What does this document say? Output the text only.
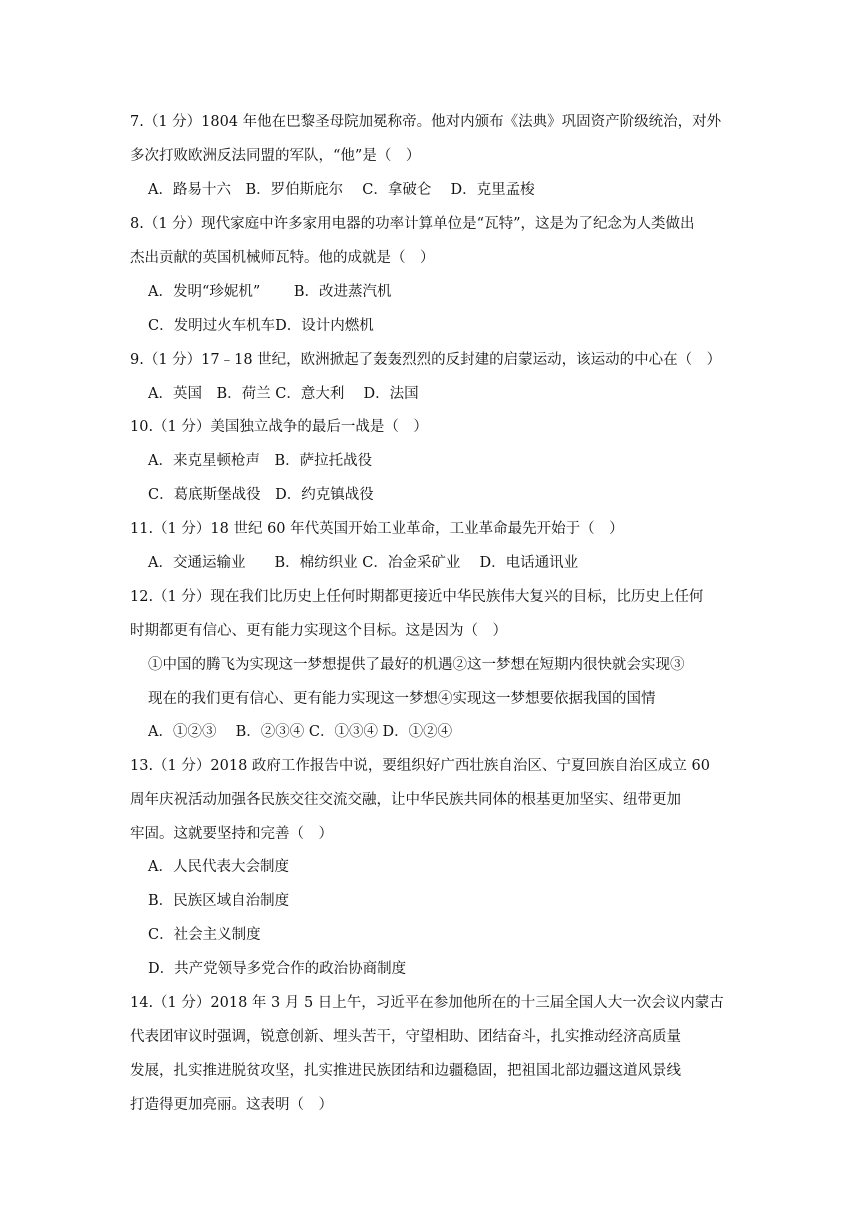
7.（1 分）1804 年他在巴黎圣母院加冕称帝。他对内颁布《法典》巩固资产阶级统治，对外
多次打败欧洲反法同盟的军队，“他”是（　）
A．路易十六　B．罗伯斯庇尔　 C．拿破仑　 D．克里孟梭
8.（1 分）现代家庭中许多家用电器的功率计算单位是“瓦特”，这是为了纪念为人类做出
杰出贡献的英国机械师瓦特。他的成就是（　）
A．发明“珍妮机”　　 B．改进蒸汽机
C．发明过火车机车D．设计内燃机
9.（1 分）17﹣18 世纪，欧洲掀起了轰轰烈烈的反封建的启蒙运动，该运动的中心在（　）
A．英国　B．荷兰 C．意大利　 D．法国
10.（1 分）美国独立战争的最后一战是（　）
A．来克星顿枪声　B．萨拉托战役
C．葛底斯堡战役　D．约克镇战役
11.（1 分）18 世纪 60 年代英国开始工业革命，工业革命最先开始于（　）
A．交通运输业　　B．棉纺织业 C．冶金采矿业　 D．电话通讯业
12.（1 分）现在我们比历史上任何时期都更接近中华民族伟大复兴的目标，比历史上任何
时期都更有信心、更有能力实现这个目标。这是因为（　）
①中国的腾飞为实现这一梦想提供了最好的机遇②这一梦想在短期内很快就会实现③
现在的我们更有信心、更有能力实现这一梦想④实现这一梦想要依据我国的国情
A．①②③　 B．②③④ C．①③④ D．①②④
13.（1 分）2018 政府工作报告中说，要组织好广西壮族自治区、宁夏回族自治区成立 60
周年庆祝活动加强各民族交往交流交融，让中华民族共同体的根基更加坚实、纽带更加
牢固。这就要坚持和完善（　）
A．人民代表大会制度
B．民族区域自治制度
C．社会主义制度
D．共产党领导多党合作的政治协商制度
14.（1 分）2018 年 3 月 5 日上午，习近平在参加他所在的十三届全国人大一次会议内蒙古
代表团审议时强调，锐意创新、埋头苦干，守望相助、团结奋斗，扎实推动经济高质量
发展，扎实推进脱贫攻坚，扎实推进民族团结和边疆稳固，把祖国北部边疆这道风景线
打造得更加亮丽。这表明（　）
